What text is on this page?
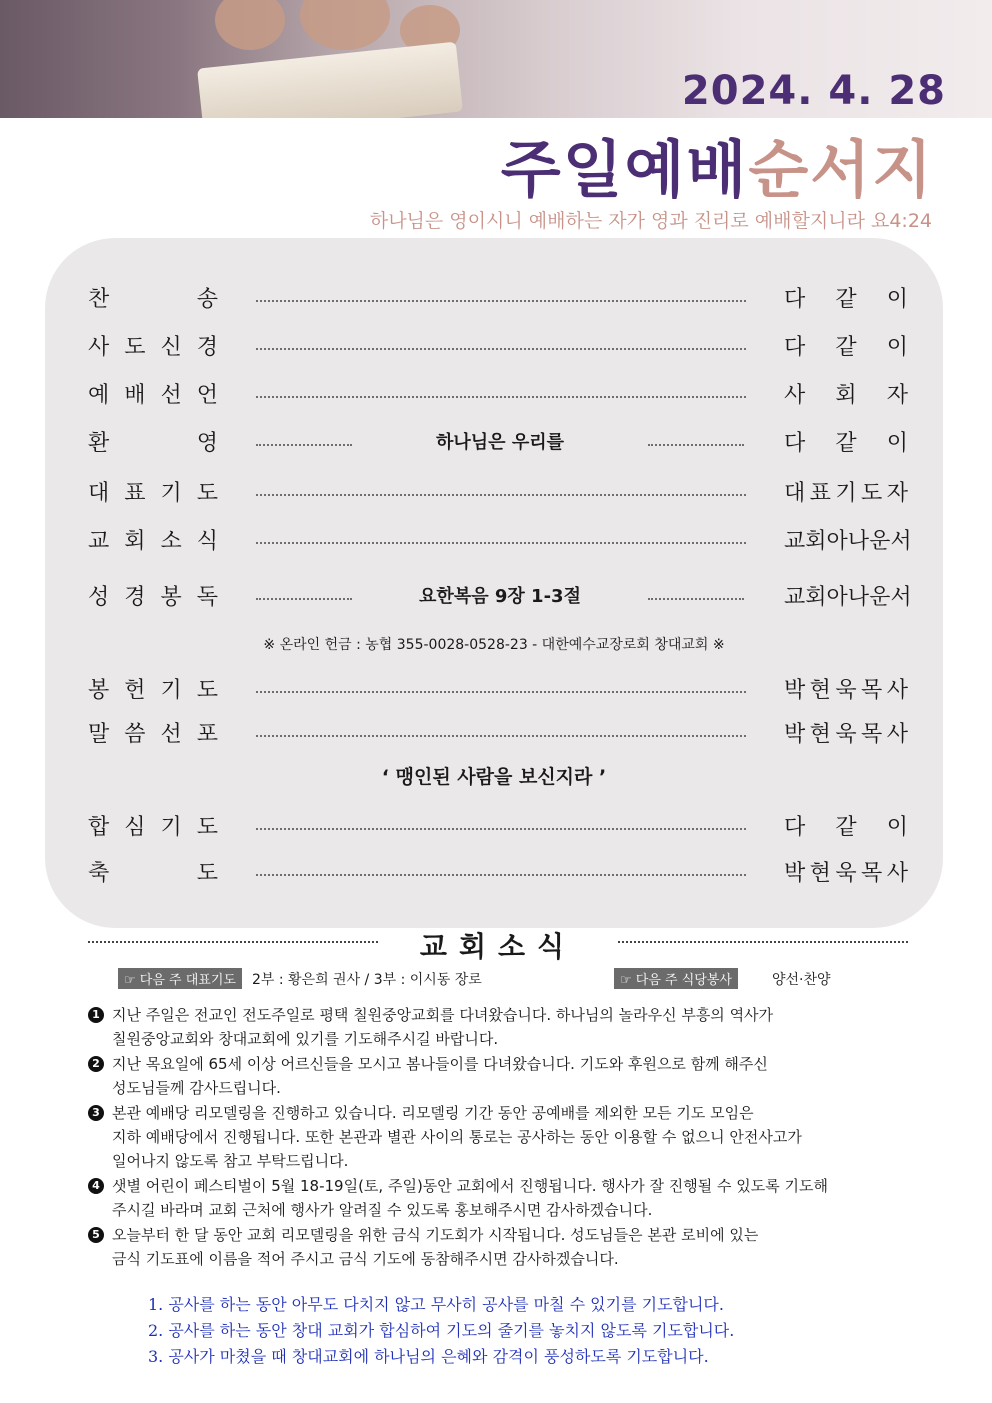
2024. 4. 28
주일예배순서지
하나님은 영이시니 예배하는 자가 영과 진리로 예배할지니라 요4:24
찬	송	다 같 이
사 도 신 경	다 같 이
예 배 선 언	사 회 자
환	영	하나님은 우리를	다 같 이
대 표 기 도	대 표 기 도 자
교 회 소 식	교 회 아 나 운 서
성 경 봉 독	요한복음 9장 1-3절	교 회 아 나 운 서
※ 온라인 헌금 : 농협 355-0028-0528-23 - 대한예수교장로회 창대교회 ※
봉 헌 기 도	박 현 욱 목 사
말 씀 선 포	박 현 욱 목 사
‘ 맹인된 사람을 보신지라 ’
합 심 기 도	다 같 이
축	도	박 현 욱 목 사
교회소식
☞ 다음 주 대표기도 2부 : 황은희 권사 / 3부 : 이시동 장로	☞ 다음 주 식당봉사	양선·찬양
1 지난 주일은 전교인 전도주일로 평택 칠원중앙교회를 다녀왔습니다. 하나님의 놀라우신 부흥의 역사가
칠원중앙교회와 창대교회에 있기를 기도해주시길 바랍니다.
2 지난 목요일에 65세 이상 어르신들을 모시고 봄나들이를 다녀왔습니다. 기도와 후원으로 함께 해주신
성도님들께 감사드립니다.
3 본관 예배당 리모델링을 진행하고 있습니다. 리모델링 기간 동안 공예배를 제외한 모든 기도 모임은
지하 예배당에서 진행됩니다. 또한 본관과 별관 사이의 통로는 공사하는 동안 이용할 수 없으니 안전사고가
일어나지 않도록 참고 부탁드립니다.
4 샛별 어린이 페스티벌이 5월 18-19일(토, 주일)동안 교회에서 진행됩니다. 행사가 잘 진행될 수 있도록 기도해
주시길 바라며 교회 근처에 행사가 알려질 수 있도록 홍보해주시면 감사하겠습니다.
5 오늘부터 한 달 동안 교회 리모델링을 위한 금식 기도회가 시작됩니다. 성도님들은 본관 로비에 있는
금식 기도표에 이름을 적어 주시고 금식 기도에 동참해주시면 감사하겠습니다.
1. 공사를 하는 동안 아무도 다치지 않고 무사히 공사를 마칠 수 있기를 기도합니다.
2. 공사를 하는 동안 창대 교회가 합심하여 기도의 줄기를 놓치지 않도록 기도합니다.
3. 공사가 마쳤을 때 창대교회에 하나님의 은혜와 감격이 풍성하도록 기도합니다.
